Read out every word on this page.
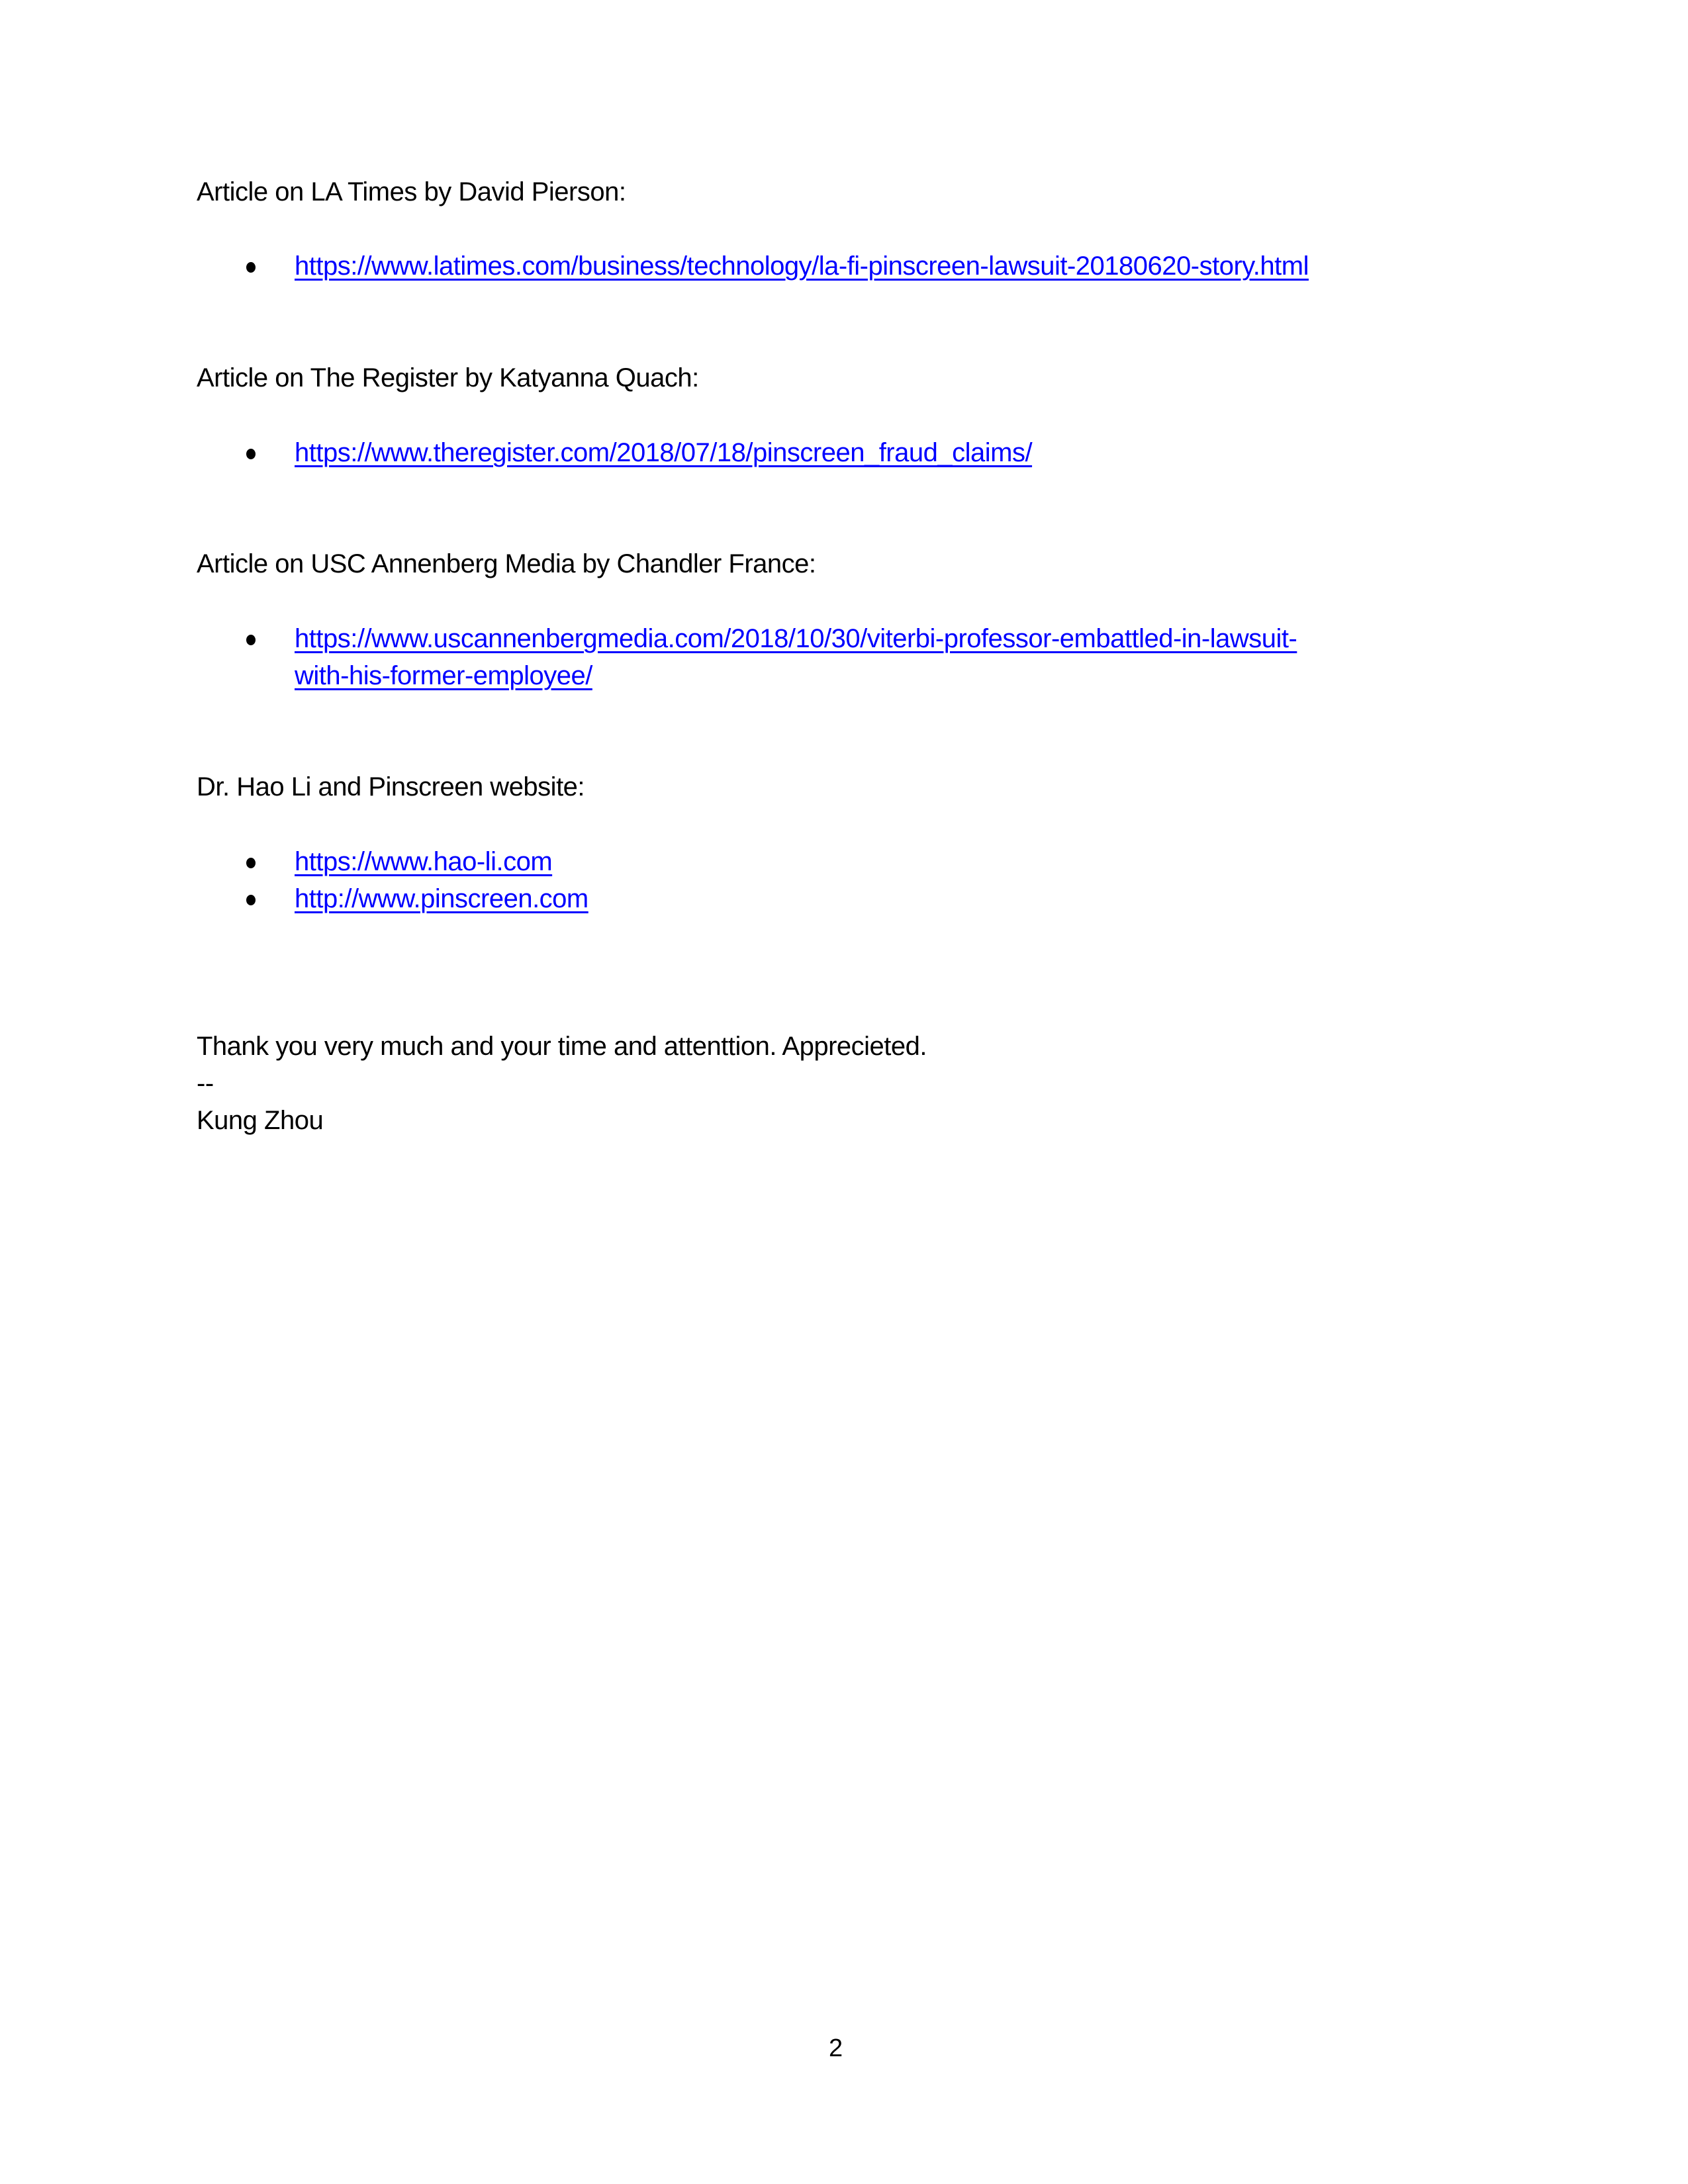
Article on LA Times by David Pierson:
https://www.latimes.com/business/technology/la-fi-pinscreen-lawsuit-20180620-story.html
Article on The Register by Katyanna Quach:
https://www.theregister.com/2018/07/18/pinscreen_fraud_claims/
Article on USC Annenberg Media by Chandler France:
https://www.uscannenbergmedia.com/2018/10/30/viterbi-professor-embattled-in-lawsuit-
with-his-former-employee/
Dr. Hao Li and Pinscreen website:
https://www.hao-li.com
http://www.pinscreen.com
Thank you very much and your time and attenttion. Apprecieted.
--
Kung Zhou
2
